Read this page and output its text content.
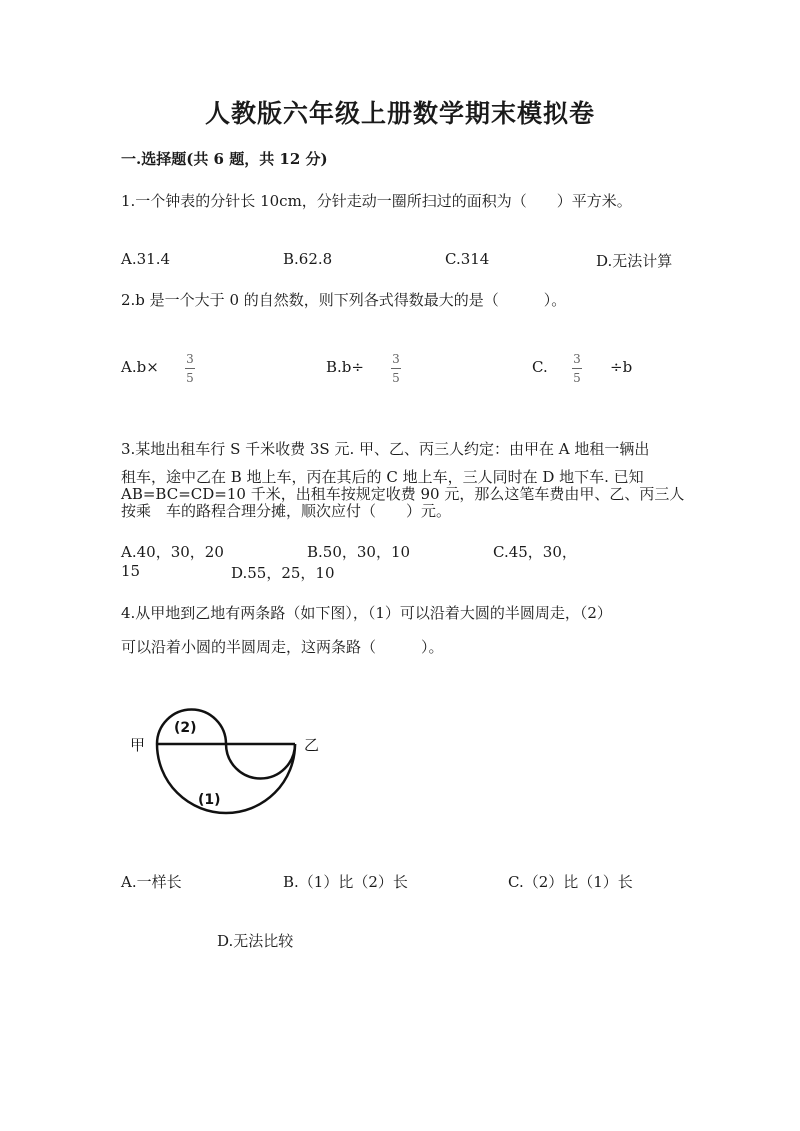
人教版六年级上册数学期末模拟卷
一.选择题(共 6 题，共 12 分)
1.一个钟表的分针长 10cm，分针走动一圈所扫过的面积为（　　）平方米。
A.31.4	B.62.8	C.314	D.无法计算
2.b 是一个大于 0 的自然数，则下列各式得数最大的是（　　　）。
A.b× 3
5
B.b÷ 3
5
C. 3
5
÷b
3.某地出租车行 S 千米收费 3S 元. 甲、乙、丙三人约定：由甲在 A 地租一辆出
租车，途中乙在 B 地上车，丙在其后的 C 地上车，三人同时在 D 地下车. 已知
AB=BC=CD=10 千米，出租车按规定收费 90 元，那么这笔车费由甲、乙、丙三人
按乘　车的路程合理分摊，顺次应付（　　）元。
A.40，30，20	B.50，30，10	C.45，30，
15	D.55，25，10
4.从甲地到乙地有两条路（如下图），（1）可以沿着大圆的半圆周走，（2）
可以沿着小圆的半圆周走，这两条路（　　　）。
甲	乙
(2)
(1)
A.一样长	B.（1）比（2）长	C.（2）比（1）长
D.无法比较
